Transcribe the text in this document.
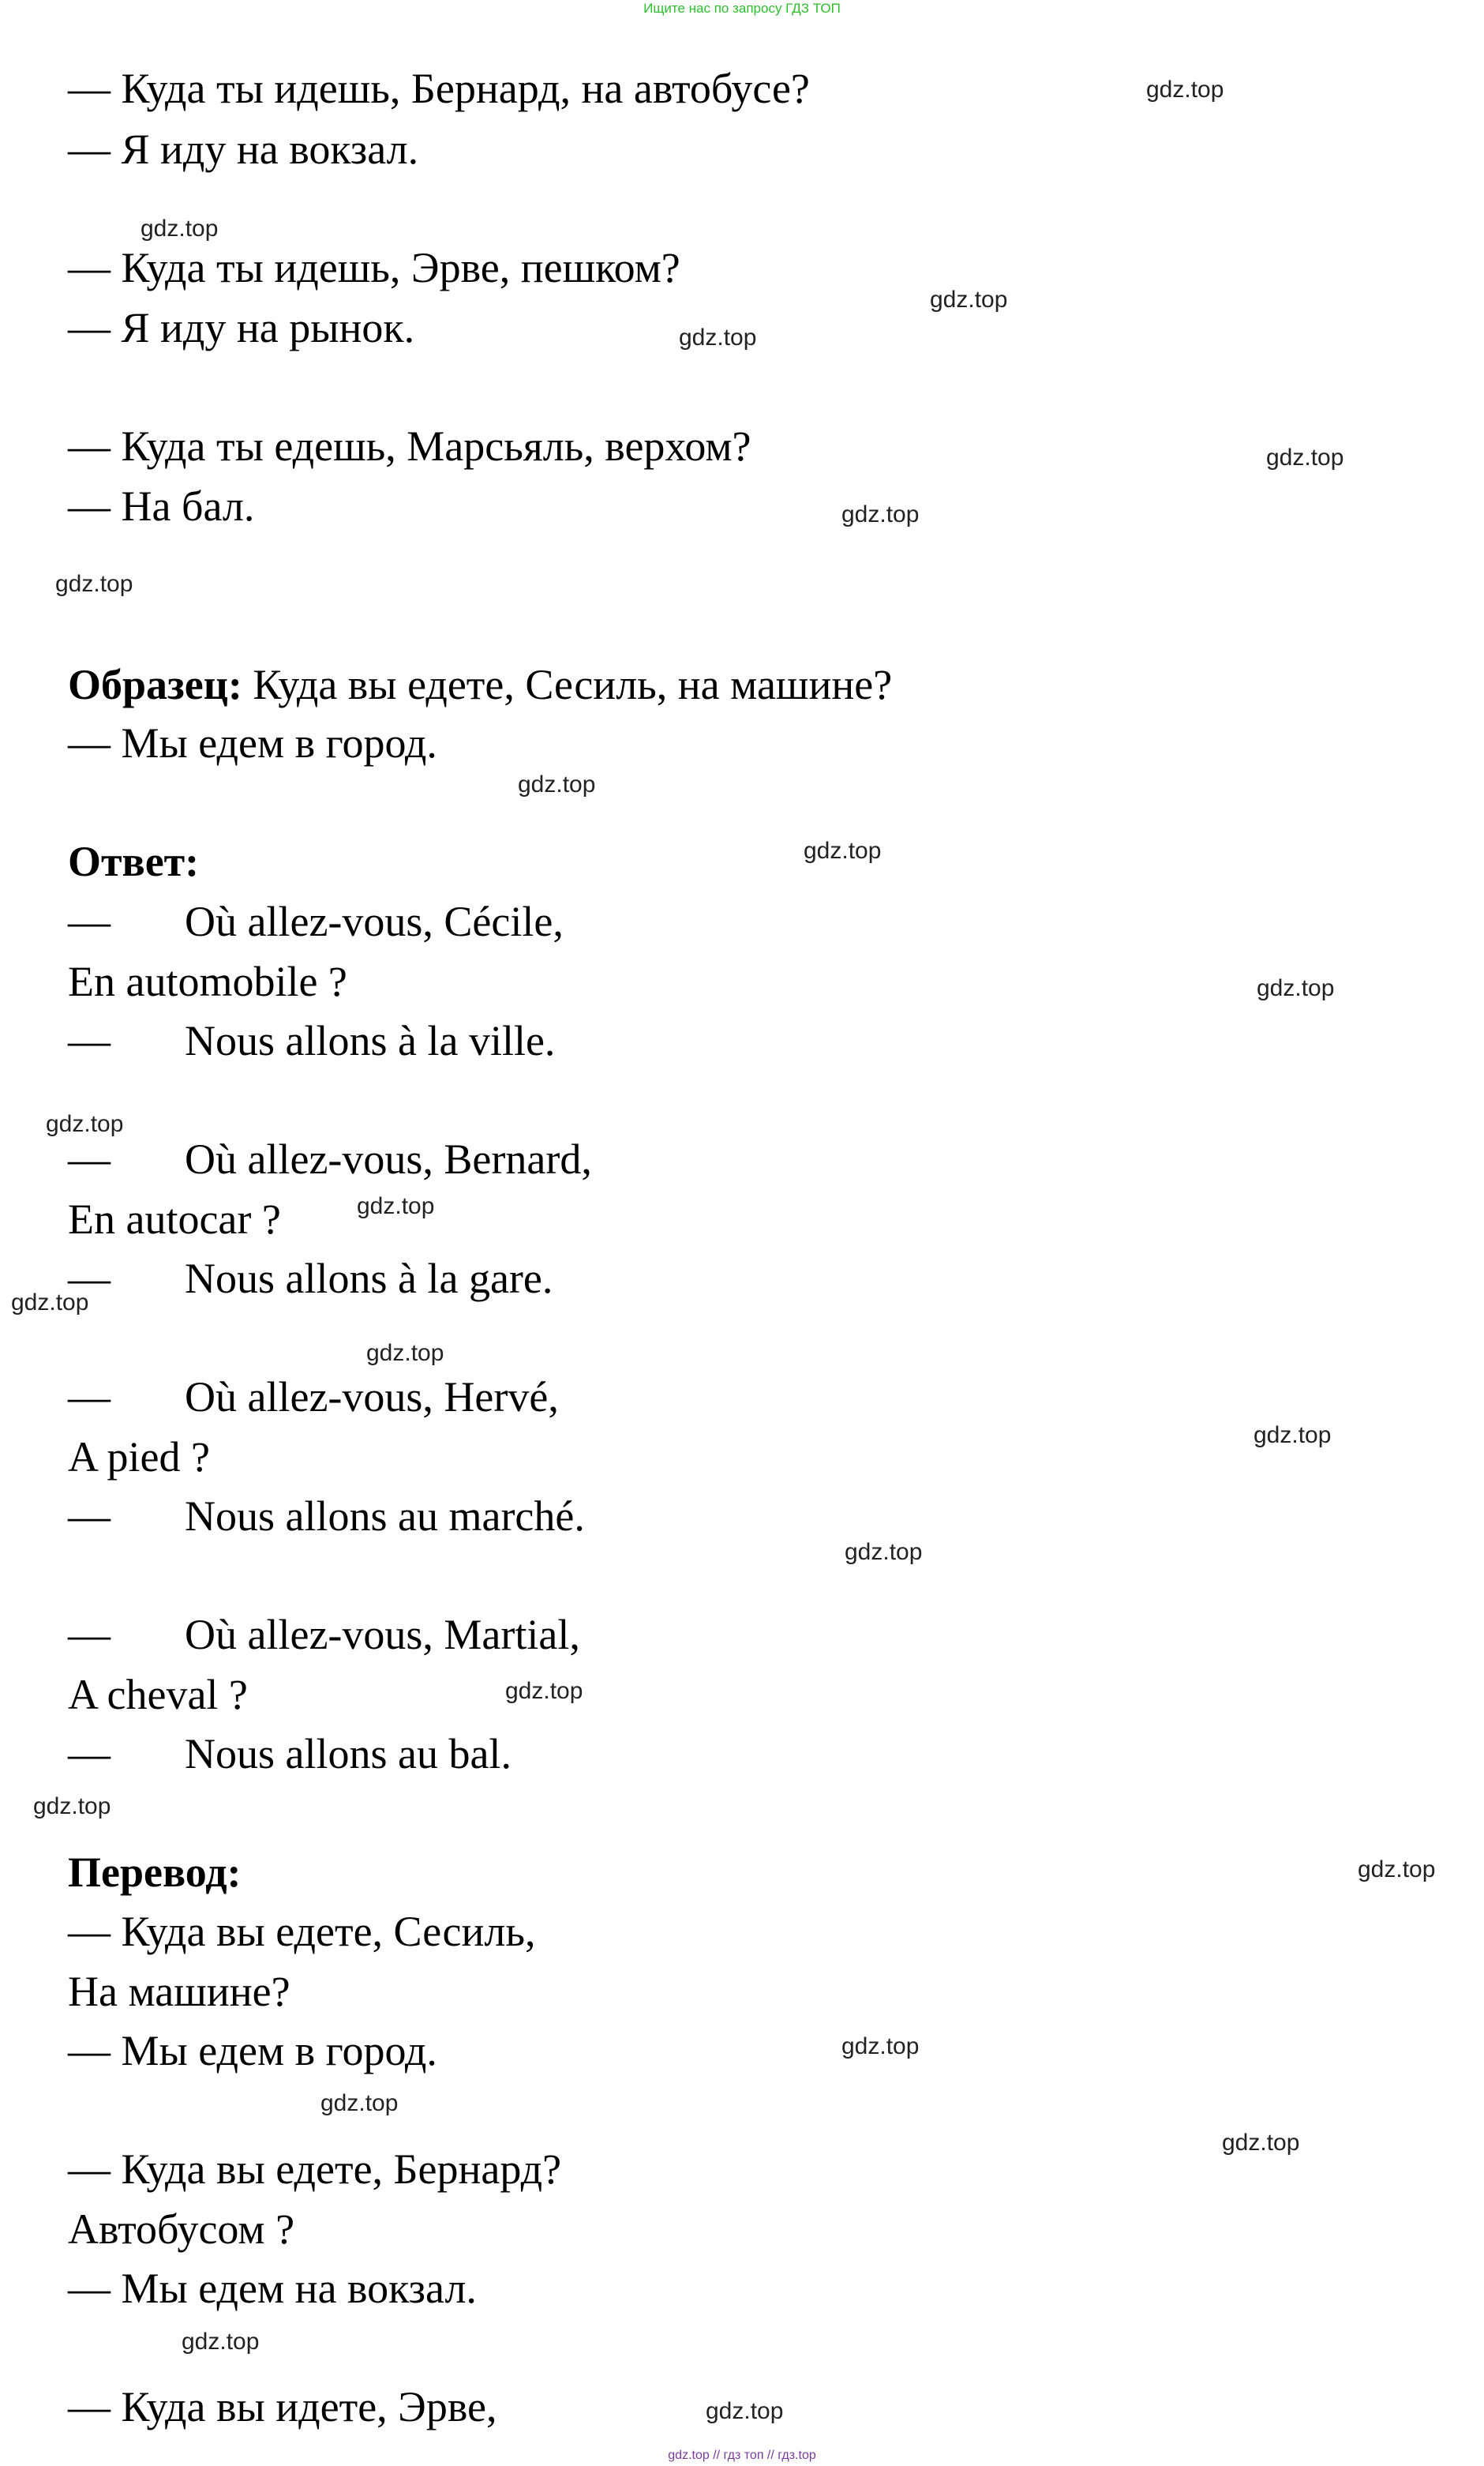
Ищите нас по запросу ГДЗ ТОП
— Куда ты идешь, Бернард, на автобусе?
— Я иду на вокзал.
— Куда ты идешь, Эрве, пешком?
— Я иду на рынок.
— Куда ты едешь, Марсьяль, верхом?
— На бал.
Образец: Куда вы едете, Сесиль, на машине?
— Мы едем в город.
Ответ:
— Où allez-vous, Cécile,
En automobile ?
— Nous allons à la ville.
— Où allez-vous, Bernard,
En autocar ?
— Nous allons à la gare.
— Où allez-vous, Hervé,
A pied ?
— Nous allons au marché.
— Où allez-vous, Martial,
A cheval ?
— Nous allons au bal.
Перевод:
— Куда вы едете, Сесиль,
На машине?
— Мы едем в город.
— Куда вы едете, Бернард?
Автобусом ?
— Мы едем на вокзал.
— Куда вы идете, Эрве,
gdz.top
gdz.top
gdz.top
gdz.top
gdz.top
gdz.top
gdz.top
gdz.top
gdz.top
gdz.top
gdz.top
gdz.top
gdz.top
gdz.top
gdz.top
gdz.top
gdz.top
gdz.top
gdz.top
gdz.top
gdz.top
gdz.top
gdz.top
gdz.top
gdz.top // гдз топ // гдз.top
